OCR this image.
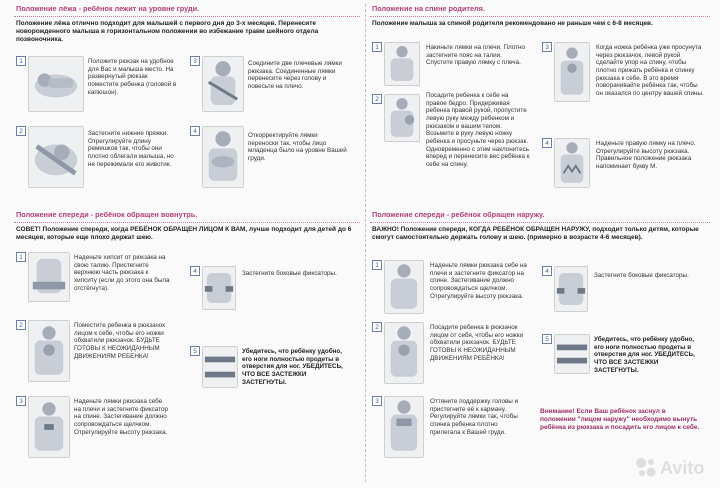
Положение лёжа - ребёнок лежит на уровне груди.
Положение лёжа отлично подходит для малышей с первого дня до 3-х месяцев. Перенесите новорожденного малыша в горизонтальном положении во избежание травм шейного отдела позвоночника.
1	Положите рюкзак на удобное для Вас и малыша место. На развернутый рюкзак поместите ребенка (головой в капюшон).
2	Застегните нижние пряжки. Отрегулируйте длину ремешков так, чтобы они плотно облегали малыша, но не пережимали его животик.
3	Соедините две плечевые лямки рюкзака. Соединенные лямки перенесите через голову и повесьте на плечо.
4
Откорректируйте лямки переноски так, чтобы лицо младенца было на уровне Вашей груди.
Положение на спине родителя.
Положение малыша за спиной родителя рекомендовано не раньше чем с 6-8 месяцев.
1	Накиньте лямки на плечи. Плотно застегните пояс на талии. Спустите правую лямку с плеча.
2
Посадите ребенка к себе на правое бедро. Придерживая ребенка правой рукой, пропустите левую руку между ребенком и рюкзаком и вашим телом. Возьмите в руку левую ножку ребенка и просуньте через рюкзак. Одновременно с этим наклонитесь вперед и перенесите вес ребёнка к себе на спину.
3	Когда ножка ребёнка уже просунута через рюкзачок, левой рукой сделайте упор на спину, чтобы плотно прижать ребёнка и спинку рюкзака к себе. В это время поворачивайте ребёнка так, чтобы он оказался по центру вашей спины.
4	Наденьте правую лямку на плечо. Отрегулируйте высоту рюкзака. Правильное положение рюкзака напоминает букву М.
Положение спереди - ребёнок обращен вовнутрь.
СОВЕТ! Положение спереди, когда РЕБЁНОК ОБРАЩЕН ЛИЦОМ К ВАМ, лучше подходит для детей до 6 месяцев, которые еще плохо держат шею.
1	Наденьте хипсит от рюкзака на свою талию. Пристегните верхнюю часть рюкзака к хипситу (если до этого она была отстёгнута).
2	Поместите ребенка в рюкзачок лицом к себе, чтобы его ножки обхватили рюкзачок. БУДЬТЕ ГОТОВЫ К НЕОЖИДАННЫМ ДВИЖЕНИЯМ РЕБЕНКА!
3	Наденьте лямки рюкзака себе на плечи и застегните фиксатор на спине. Застегивание должно сопровождаться щелчком. Отрегулируйте высоту рюкзака.
4	Застегните боковые фиксаторы.
5	Убедитесь, что ребёнку удобно, его ноги полностью продеты в отверстия для ног. УБЕДИТЕСЬ, ЧТО ВСЕ ЗАСТЕЖКИ ЗАСТЕГНУТЫ.
Положение спереди - ребёнок обращен наружу.
ВАЖНО! Положение спереди, КОГДА РЕБЁНОК ОБРАЩЕН НАРУЖУ, подходит только детям, которые смогут самостоятельно держать голову и шею. (примерно в возрасте 4-6 месяцев).
1	Наденьте лямки рюкзака себе на плечи и застегните фиксатор на спине. Застегивание должно сопровождаться щелчком. Отрегулируйте высоту рюкзака.
2	Посадите ребенка в рюкзачок лицом от себя, чтобы его ножки обхватили рюкзачок. БУДЬТЕ ГОТОВЫ К НЕОЖИДАННЫМ ДВИЖЕНИЯМ РЕБЁНКА!
3	Оттяните поддержку головы и пристегните её к карману. Регулируйте лямки так, чтобы спинка ребенка плотно прилегала к Вашей груди.
4
Застегните боковые фиксаторы.
5	Убедитесь, что ребёнку удобно, его ноги полностью продеты в отверстия для ног. УБЕДИТЕСЬ, ЧТО ВСЕ ЗАСТЕЖКИ ЗАСТЕГНУТЫ.
Внимание! Если Ваш ребёнок заснул в положении "лицом наружу" необходимо вынуть ребёнка из рюкзака и посадить его лицом к себе.
Avito
